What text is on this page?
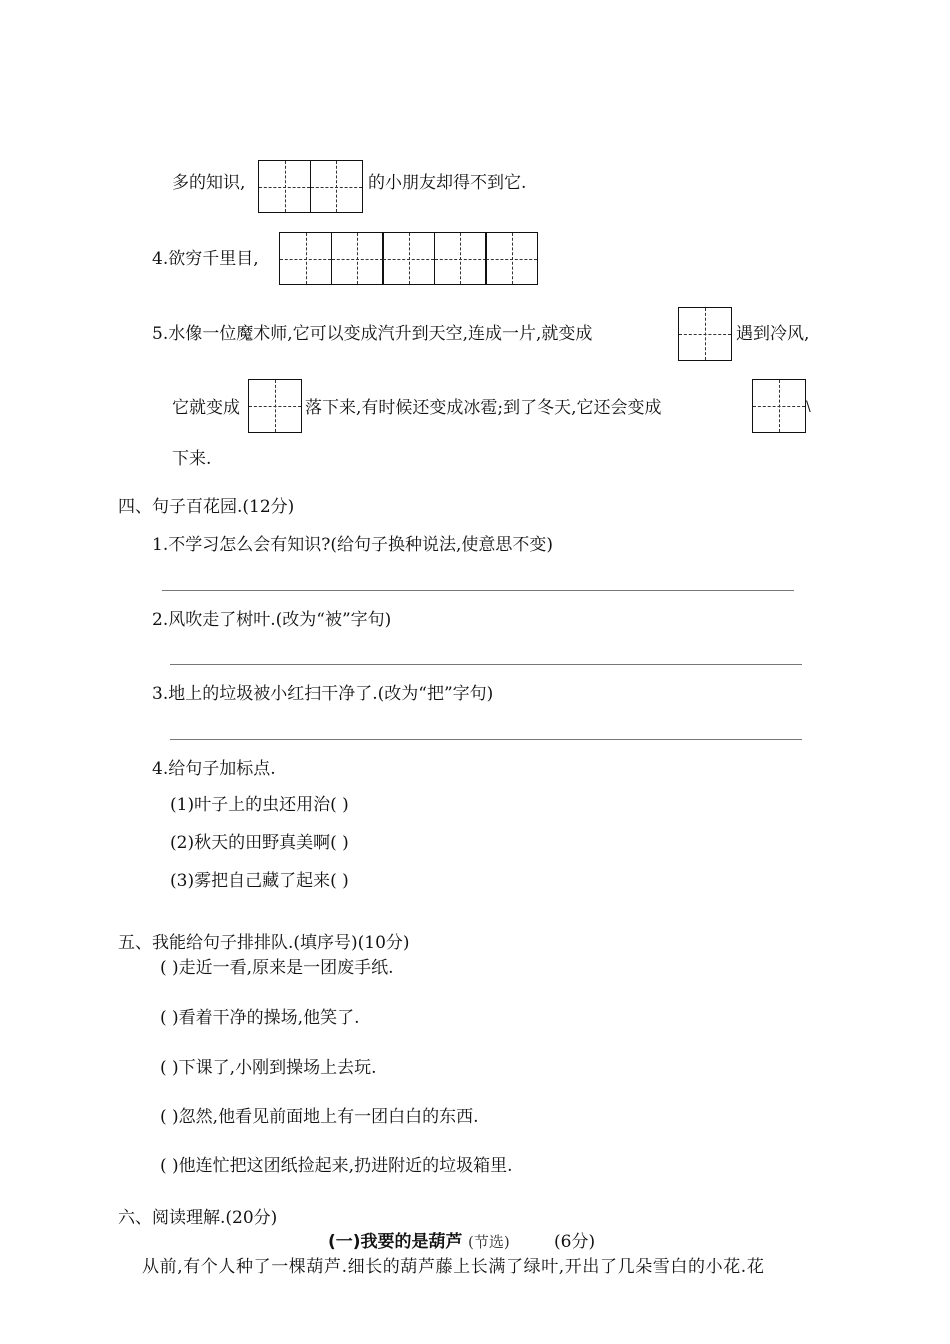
多的知识,	的小朋友却得不到它.
4.欲穷千里目,
5.水像一位魔术师,它可以变成汽升到天空,连成一片,就变成	遇到冷风,
它就变成	落下来,有时候还变成冰雹;到了冬天,它还会变成	\
下来.
四、句子百花园.(12分)
1.不学习怎么会有知识?(给句子换种说法,使意思不变)
2.风吹走了树叶.(改为“被”字句)
3.地上的垃圾被小红扫干净了.(改为“把”字句)
4.给句子加标点.
(1)叶子上的虫还用治( )
(2)秋天的田野真美啊( )
(3)雾把自己藏了起来( )
五、我能给句子排排队.(填序号)(10分)
( )走近一看,原来是一团废手纸.
( )看着干净的操场,他笑了.
( )下课了,小刚到操场上去玩.
( )忽然,他看见前面地上有一团白白的东西.
( )他连忙把这团纸捡起来,扔进附近的垃圾箱里.
六、阅读理解.(20分)
(一)我要的是葫芦 (节选)	(6分)
从前,有个人种了一棵葫芦.细长的葫芦藤上长满了绿叶,开出了几朵雪白的小花.花
